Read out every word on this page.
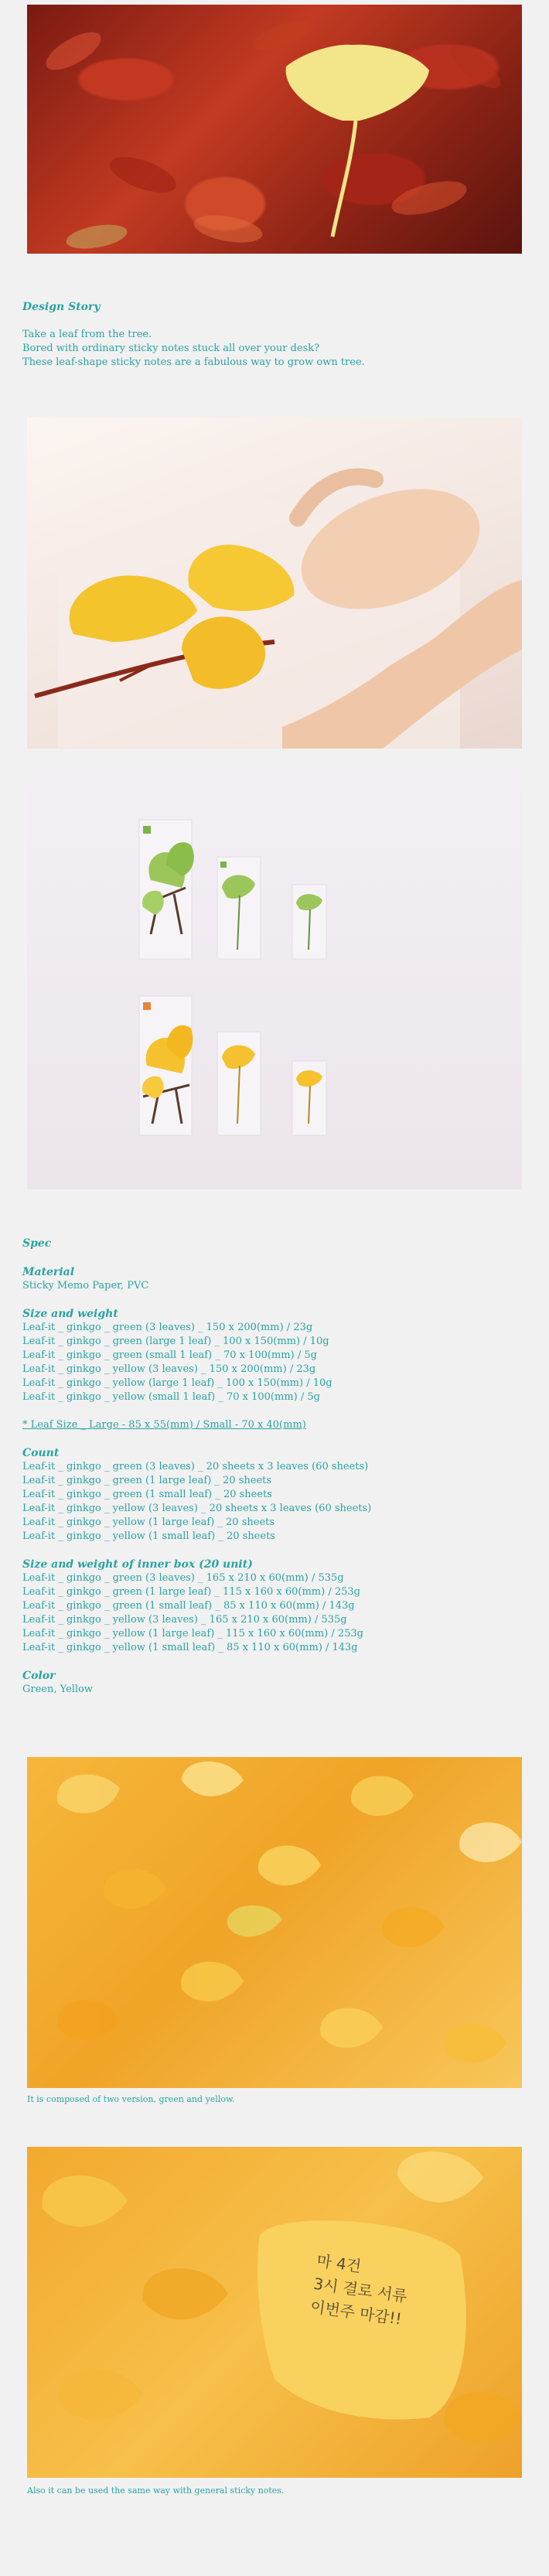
Design Story
Take a leaf from the tree.
Bored with ordinary sticky notes stuck all over your desk?
These leaf-shape sticky notes are a fabulous way to grow own tree.
Spec
Material
Sticky Memo Paper, PVC
Size and weight
Leaf-it _ ginkgo _ green (3 leaves) _ 150 x 200(mm) / 23g
Leaf-it _ ginkgo _ green (large 1 leaf) _ 100 x 150(mm) / 10g
Leaf-it _ ginkgo _ green (small 1 leaf) _ 70 x 100(mm) / 5g
Leaf-it _ ginkgo _ yellow (3 leaves) _ 150 x 200(mm) / 23g
Leaf-it _ ginkgo _ yellow (large 1 leaf) _ 100 x 150(mm) / 10g
Leaf-it _ ginkgo _ yellow (small 1 leaf) _ 70 x 100(mm) / 5g
* Leaf Size _ Large - 85 x 55(mm) / Small - 70 x 40(mm)
Count
Leaf-it _ ginkgo _ green (3 leaves) _ 20 sheets x 3 leaves (60 sheets)
Leaf-it _ ginkgo _ green (1 large leaf) _ 20 sheets
Leaf-it _ ginkgo _ green (1 small leaf) _ 20 sheets
Leaf-it _ ginkgo _ yellow (3 leaves) _ 20 sheets x 3 leaves (60 sheets)
Leaf-it _ ginkgo _ yellow (1 large leaf) _ 20 sheets
Leaf-it _ ginkgo _ yellow (1 small leaf) _ 20 sheets
Size and weight of inner box (20 unit)
Leaf-it _ ginkgo _ green (3 leaves) _ 165 x 210 x 60(mm) / 535g
Leaf-it _ ginkgo _ green (1 large leaf) _ 115 x 160 x 60(mm) / 253g
Leaf-it _ ginkgo _ green (1 small leaf) _ 85 x 110 x 60(mm) / 143g
Leaf-it _ ginkgo _ yellow (3 leaves) _ 165 x 210 x 60(mm) / 535g
Leaf-it _ ginkgo _ yellow (1 large leaf) _ 115 x 160 x 60(mm) / 253g
Leaf-it _ ginkgo _ yellow (1 small leaf) _ 85 x 110 x 60(mm) / 143g
Color
Green, Yellow
It is composed of two version, green and yellow.
마 4건
3시 결로 서류
이번주 마감!!
Also it can be used the same way with general sticky notes.
